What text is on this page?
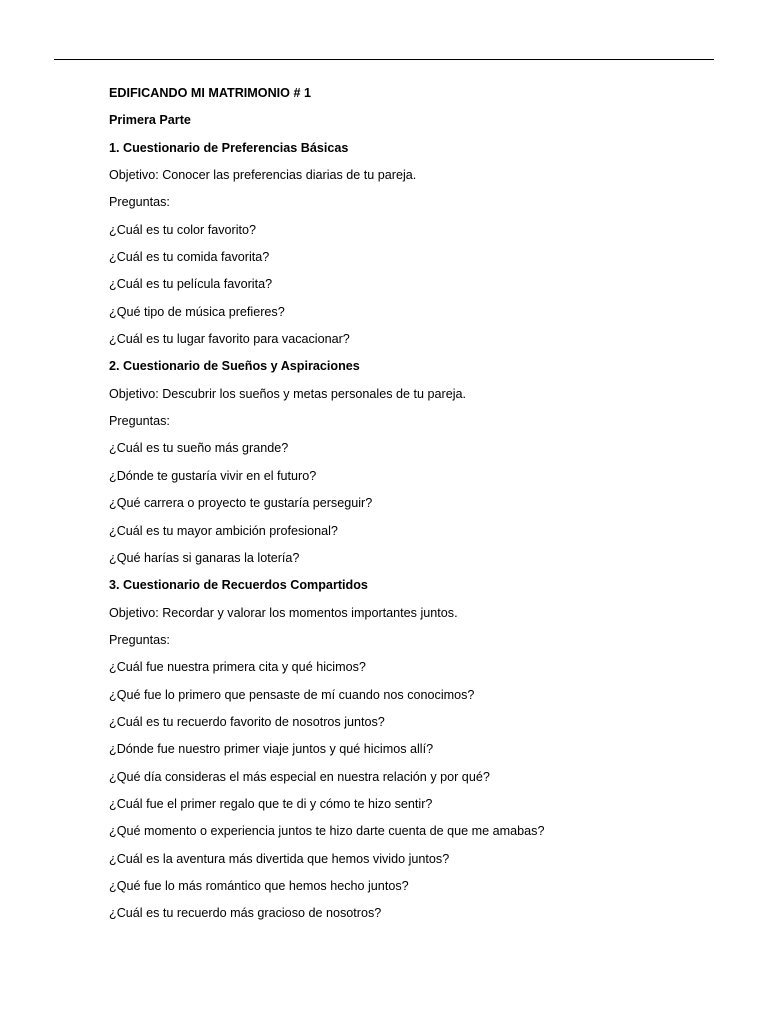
EDIFICANDO MI MATRIMONIO # 1
Primera Parte
1. Cuestionario de Preferencias Básicas
Objetivo: Conocer las preferencias diarias de tu pareja.
Preguntas:
¿Cuál es tu color favorito?
¿Cuál es tu comida favorita?
¿Cuál es tu película favorita?
¿Qué tipo de música prefieres?
¿Cuál es tu lugar favorito para vacacionar?
2. Cuestionario de Sueños y Aspiraciones
Objetivo: Descubrir los sueños y metas personales de tu pareja.
Preguntas:
¿Cuál es tu sueño más grande?
¿Dónde te gustaría vivir en el futuro?
¿Qué carrera o proyecto te gustaría perseguir?
¿Cuál es tu mayor ambición profesional?
¿Qué harías si ganaras la lotería?
3. Cuestionario de Recuerdos Compartidos
Objetivo: Recordar y valorar los momentos importantes juntos.
Preguntas:
¿Cuál fue nuestra primera cita y qué hicimos?
¿Qué fue lo primero que pensaste de mí cuando nos conocimos?
¿Cuál es tu recuerdo favorito de nosotros juntos?
¿Dónde fue nuestro primer viaje juntos y qué hicimos allí?
¿Qué día consideras el más especial en nuestra relación y por qué?
¿Cuál fue el primer regalo que te di y cómo te hizo sentir?
¿Qué momento o experiencia juntos te hizo darte cuenta de que me amabas?
¿Cuál es la aventura más divertida que hemos vivido juntos?
¿Qué fue lo más romántico que hemos hecho juntos?
¿Cuál es tu recuerdo más gracioso de nosotros?
